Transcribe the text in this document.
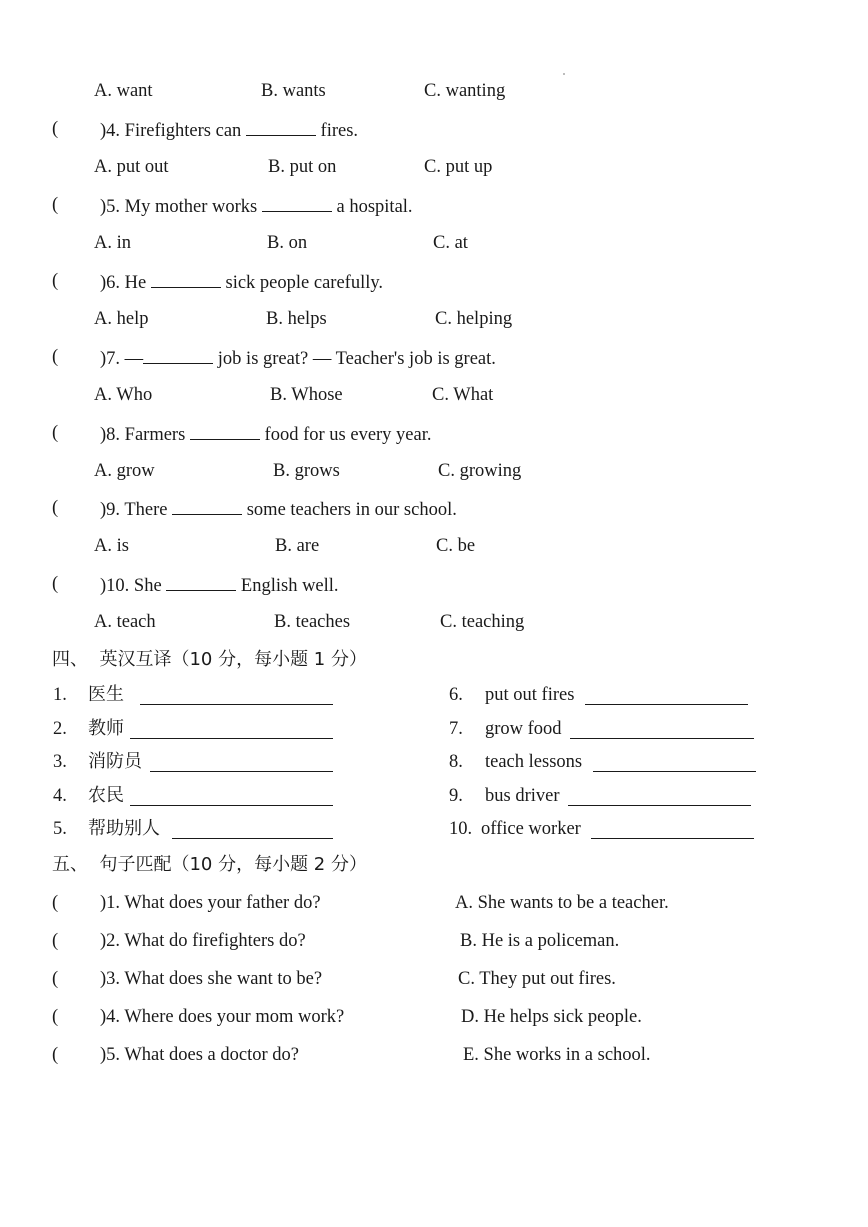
A. want	B. wants	C. wanting
( )4. Firefighters can	fires.
A. put out	B. put on	C. put up
( )5. My mother works	a hospital.
A. in	B. on	C. at
( )6. He	sick people carefully.
A. help	B. helps	C. helping
( )7. —	job is great? — Teacher's job is great.
A. Who	B. Whose	C. What
( )8. Farmers	food for us every year.
A. grow	B. grows	C. growing
( )9. There	some teachers in our school.
A. is	B. are	C. be
( )10. She	English well.
A. teach	B. teaches	C. teaching
四、  英汉互译（10 分，每小题 1 分）
1. 医生
2. 教师
3. 消防员
4. 农民
5. 帮助别人
6. put out fires
7. grow food
8. teach lessons
9. bus driver
10. office worker
五、  句子匹配（10 分，每小题 2 分）
( )1. What does your father do?	A. She wants to be a teacher.
( )2. What do firefighters do?	B. He is a policeman.
( )3. What does she want to be?	C. They put out fires.
( )4. Where does your mom work?	D. He helps sick people.
( )5. What does a doctor do?	E. She works in a school.
